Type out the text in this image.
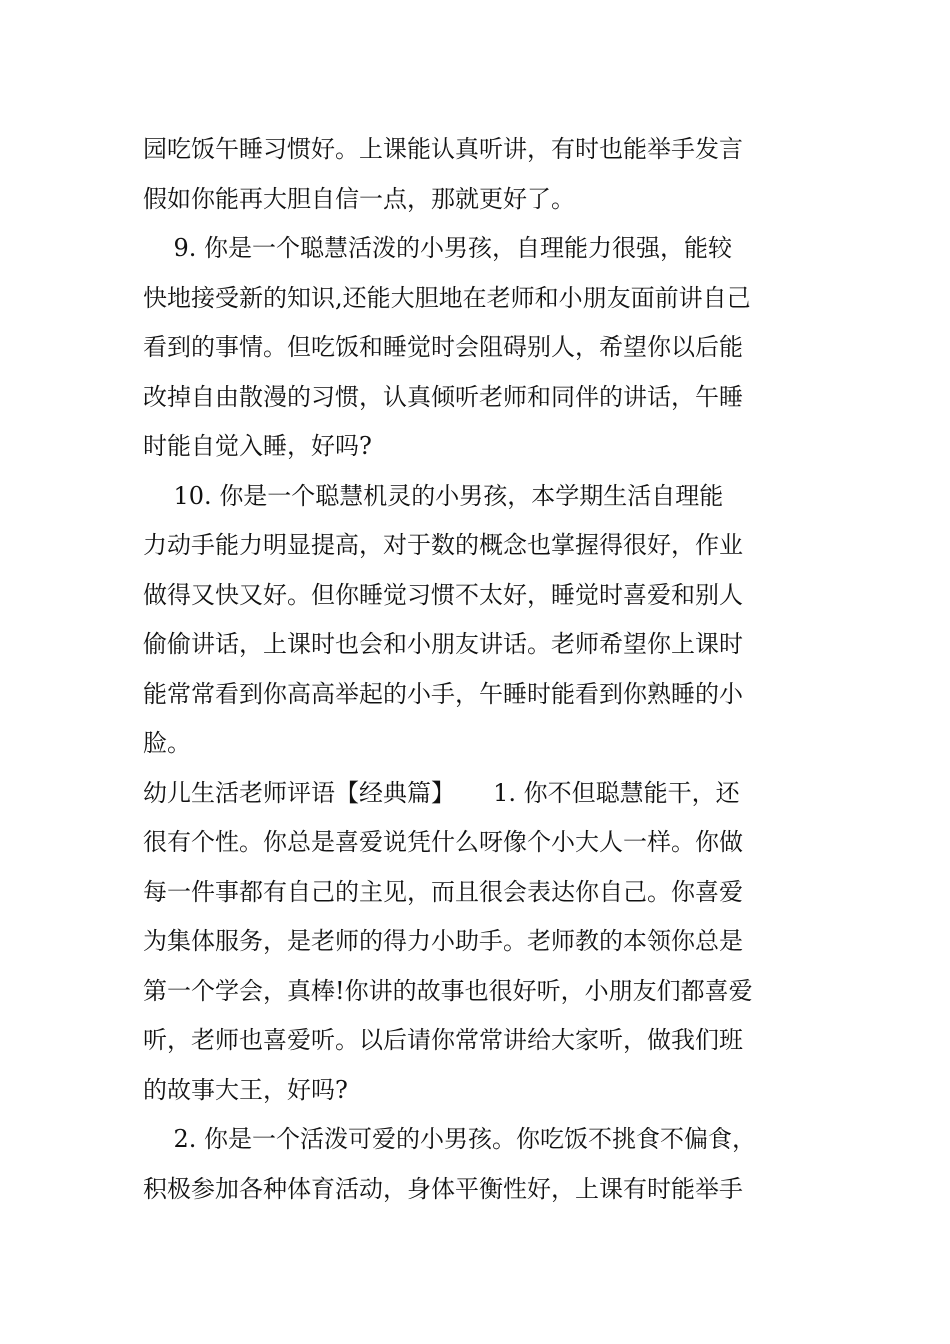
园吃饭午睡习惯好。上课能认真听讲，有时也能举手发言
假如你能再大胆自信一点，那就更好了。
9. 你是一个聪慧活泼的小男孩，自理能力很强，能较
快地接受新的知识,还能大胆地在老师和小朋友面前讲自己
看到的事情。但吃饭和睡觉时会阻碍别人，希望你以后能
改掉自由散漫的习惯，认真倾听老师和同伴的讲话，午睡
时能自觉入睡，好吗?
10. 你是一个聪慧机灵的小男孩，本学期生活自理能
力动手能力明显提高，对于数的概念也掌握得很好，作业
做得又快又好。但你睡觉习惯不太好，睡觉时喜爱和别人
偷偷讲话，上课时也会和小朋友讲话。老师希望你上课时
能常常看到你高高举起的小手，午睡时能看到你熟睡的小
脸。
幼儿生活老师评语【经典篇】     1. 你不但聪慧能干，还
很有个性。你总是喜爱说凭什么呀像个小大人一样。你做
每一件事都有自己的主见，而且很会表达你自己。你喜爱
为集体服务，是老师的得力小助手。老师教的本领你总是
第一个学会，真棒!你讲的故事也很好听，小朋友们都喜爱
听，老师也喜爱听。以后请你常常讲给大家听，做我们班
的故事大王，好吗?
2. 你是一个活泼可爱的小男孩。你吃饭不挑食不偏食，
积极参加各种体育活动，身体平衡性好，上课有时能举手
